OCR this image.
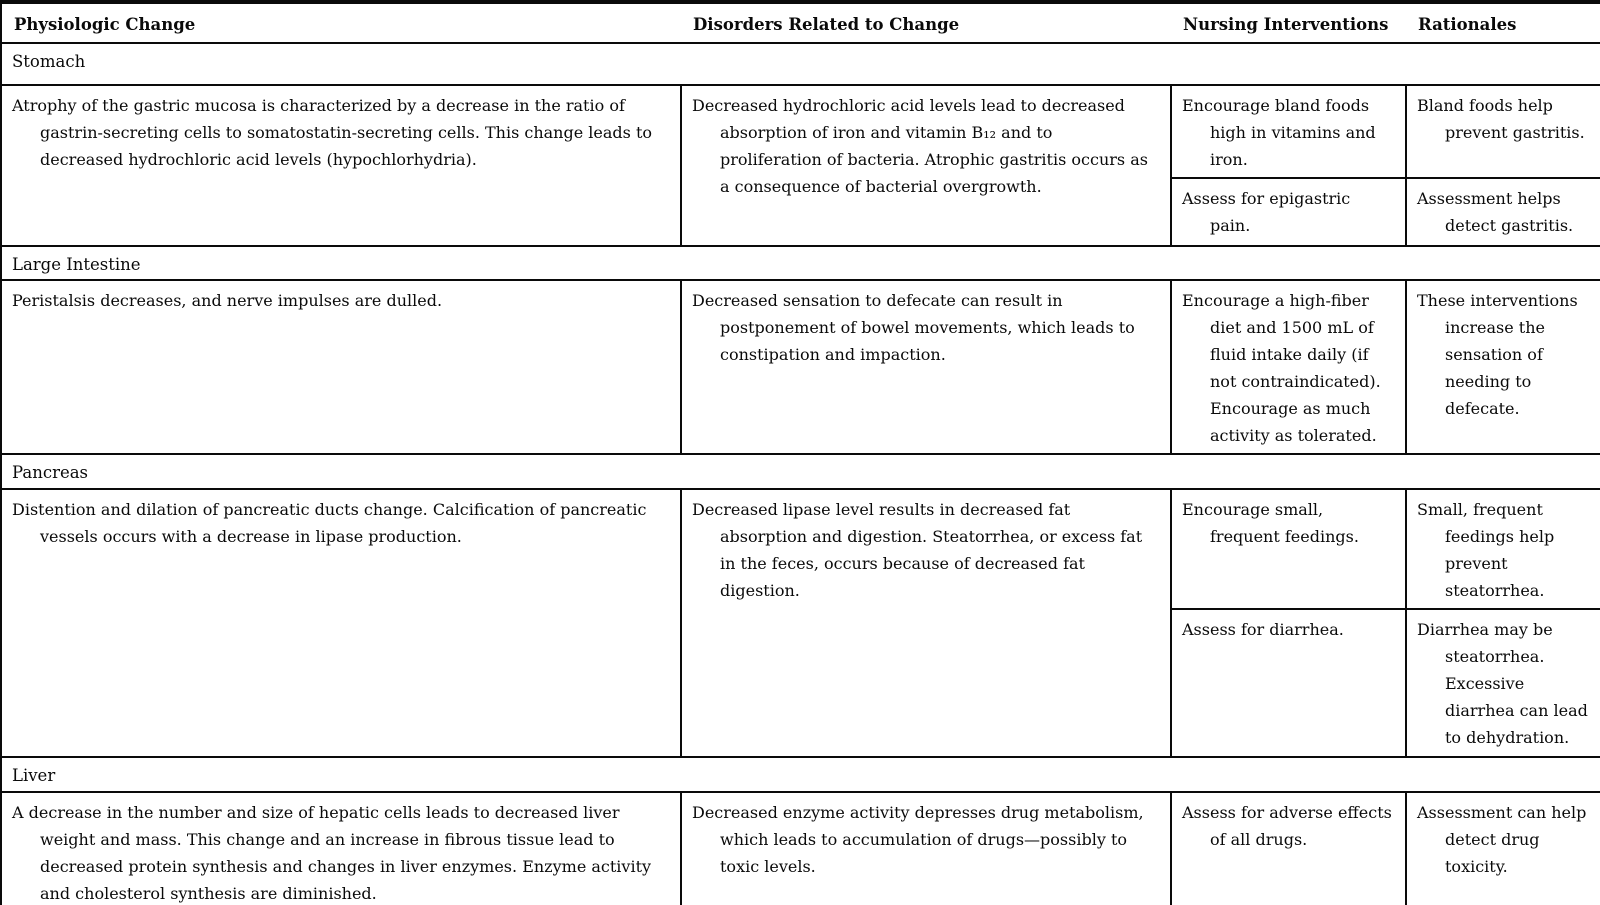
Physiologic Change	Disorders Related to Change	Nursing Interventions	Rationales
Stomach			
Atrophy of the gastric mucosa is characterized by a decrease in the ratio of gastrin-secreting cells to somatostatin-secreting cells. This change leads to decreased hydrochloric acid levels (hypochlorhydria).	Decreased hydrochloric acid levels lead to decreased absorption of iron and vitamin B₁₂ and to proliferation of bacteria. Atrophic gastritis occurs as a consequence of bacterial overgrowth.	Encourage bland foods high in vitamins and iron.	Bland foods help prevent gastritis.
		Assess for epigastric pain.	Assessment helps detect gastritis.
Large Intestine			
Peristalsis decreases, and nerve impulses are dulled.	Decreased sensation to defecate can result in postponement of bowel movements, which leads to constipation and impaction.	Encourage a high-fiber diet and 1500 mL of fluid intake daily (if not contraindicated). Encourage as much activity as tolerated.	These interventions increase the sensation of needing to defecate.
Pancreas			
Distention and dilation of pancreatic ducts change. Calcification of pancreatic vessels occurs with a decrease in lipase production.	Decreased lipase level results in decreased fat absorption and digestion. Steatorrhea, or excess fat in the feces, occurs because of decreased fat digestion.	Encourage small, frequent feedings.	Small, frequent feedings help prevent steatorrhea.
		Assess for diarrhea.	Diarrhea may be steatorrhea. Excessive diarrhea can lead to dehydration.
Liver			
A decrease in the number and size of hepatic cells leads to decreased liver weight and mass. This change and an increase in fibrous tissue lead to decreased protein synthesis and changes in liver enzymes. Enzyme activity and cholesterol synthesis are diminished.	Decreased enzyme activity depresses drug metabolism, which leads to accumulation of drugs—possibly to toxic levels.	Assess for adverse effects of all drugs.	Assessment can help detect drug toxicity.
